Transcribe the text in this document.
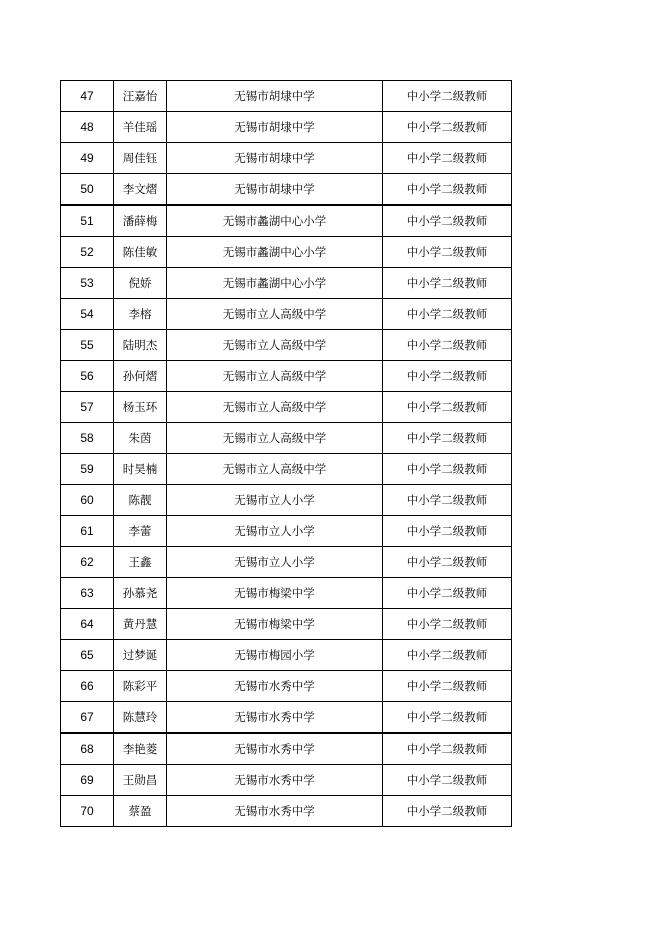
47	汪嘉怡	无锡市胡埭中学	中小学二级教师
48	羊佳瑶	无锡市胡埭中学	中小学二级教师
49	周佳钰	无锡市胡埭中学	中小学二级教师
50	李文熠	无锡市胡埭中学	中小学二级教师
51	潘薛梅	无锡市蠡湖中心小学	中小学二级教师
52	陈佳敏	无锡市蠡湖中心小学	中小学二级教师
53	倪娇	无锡市蠡湖中心小学	中小学二级教师
54	李榕	无锡市立人高级中学	中小学二级教师
55	陆明杰	无锡市立人高级中学	中小学二级教师
56	孙何熠	无锡市立人高级中学	中小学二级教师
57	杨玉环	无锡市立人高级中学	中小学二级教师
58	朱茵	无锡市立人高级中学	中小学二级教师
59	时昊楠	无锡市立人高级中学	中小学二级教师
60	陈靓	无锡市立人小学	中小学二级教师
61	李蕾	无锡市立人小学	中小学二级教师
62	王鑫	无锡市立人小学	中小学二级教师
63	孙慕尧	无锡市梅梁中学	中小学二级教师
64	黄丹慧	无锡市梅梁中学	中小学二级教师
65	过梦诞	无锡市梅园小学	中小学二级教师
66	陈彩平	无锡市水秀中学	中小学二级教师
67	陈慧玲	无锡市水秀中学	中小学二级教师
68	李艳菱	无锡市水秀中学	中小学二级教师
69	王勋昌	无锡市水秀中学	中小学二级教师
70	蔡盈	无锡市水秀中学	中小学二级教师
